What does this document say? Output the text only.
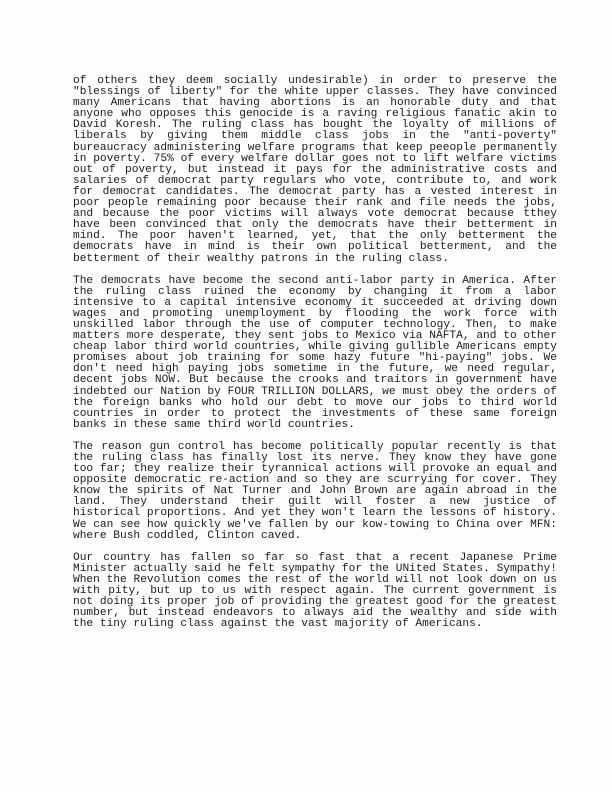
of others they deem socially undesirable) in order to preserve the "blessings of liberty" for the white upper classes. They have convinced many Americans that having abortions is an honorable duty and that anyone who opposes this genocide is a raving religious fanatic akin to David Koresh. The ruling class has bought the loyalty of millions of liberals by giving them middle class jobs in the "anti-poverty" bureaucracy administering welfare programs that keep peeople permanently in poverty. 75% of every welfare dollar goes not to lift welfare victims out of poverty, but instead it pays for the administrative costs and salaries of democrat party regulars who vote, contribute to, and work for democrat candidates. The democrat party has a vested interest in poor people remaining poor because their rank and file needs the jobs, and because the poor victims will always vote democrat because tthey have been convinced that only the democrats have their betterment in mind. The poor haven't learned, yet, that the only betterment the democrats have in mind is their own political betterment, and the betterment of their wealthy patrons in the ruling class.

The democrats have become the second anti-labor party in America. After the ruling class ruined the economy by changing it from a labor intensive to a capital intensive economy it succeeded at driving down wages and promoting unemployment by flooding the work force with unskilled labor through the use of computer technology. Then, to make matters more desperate, they sent jobs to Mexico via NAFTA, and to other cheap labor third world countries, while giving gullible Americans empty promises about job training for some hazy future "hi-paying" jobs. We don't need high paying jobs sometime in the future, we need regular, decent jobs NOW. But because the crooks and traitors in government have indebted our Nation by FOUR TRILLION DOLLARS, we must obey the orders of the foreign banks who hold our debt to move our jobs to third world countries in order to protect the investments of these same foreign banks in these same third world countries.

The reason gun control has become politically popular recently is that the ruling class has finally lost its nerve. They know they have gone too far; they realize their tyrannical actions will provoke an equal and opposite democratic re-action and so they are scurrying for cover. They know the spirits of Nat Turner and John Brown are again abroad in the land. They understand their guilt will foster a new justice of historical proportions. And yet they won't learn the lessons of history. We can see how quickly we've fallen by our kow-towing to China over MFN: where Bush coddled, Clinton caved.

Our country has fallen so far so fast that a recent Japanese Prime Minister actually said he felt sympathy for the UNited States. Sympathy! When the Revolution comes the rest of the world will not look down on us with pity, but up to us with respect again. The current government is not doing its proper job of providing the greatest good for the greatest number, but instead endeavors to always aid the wealthy and side with the tiny ruling class against the vast majority of Americans.
